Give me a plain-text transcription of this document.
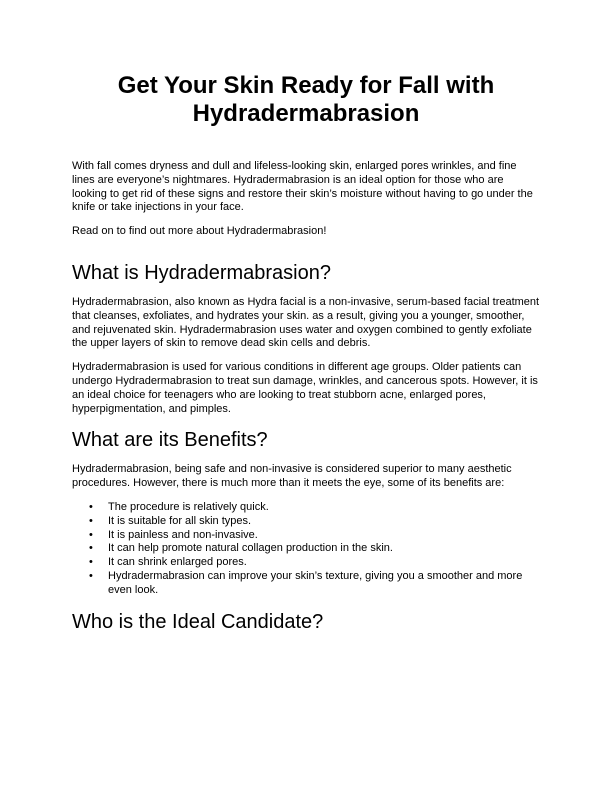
Get Your Skin Ready for Fall with Hydradermabrasion

With fall comes dryness and dull and lifeless-looking skin, enlarged pores wrinkles, and fine lines are everyone’s nightmares. Hydradermabrasion is an ideal option for those who are looking to get rid of these signs and restore their skin’s moisture without having to go under the knife or take injections in your face.

Read on to find out more about Hydradermabrasion!

What is Hydradermabrasion?

Hydradermabrasion, also known as Hydra facial is a non-invasive, serum-based facial treatment that cleanses, exfoliates, and hydrates your skin. as a result, giving you a younger, smoother, and rejuvenated skin. Hydradermabrasion uses water and oxygen combined to gently exfoliate the upper layers of skin to remove dead skin cells and debris.

Hydradermabrasion is used for various conditions in different age groups. Older patients can undergo Hydradermabrasion to treat sun damage, wrinkles, and cancerous spots. However, it is an ideal choice for teenagers who are looking to treat stubborn acne, enlarged pores, hyperpigmentation, and pimples.

What are its Benefits?

Hydradermabrasion, being safe and non-invasive is considered superior to many aesthetic procedures. However, there is much more than it meets the eye, some of its benefits are:

• The procedure is relatively quick.
• It is suitable for all skin types.
• It is painless and non-invasive.
• It can help promote natural collagen production in the skin.
• It can shrink enlarged pores.
• Hydradermabrasion can improve your skin’s texture, giving you a smoother and more even look.
Who is the Ideal Candidate?
